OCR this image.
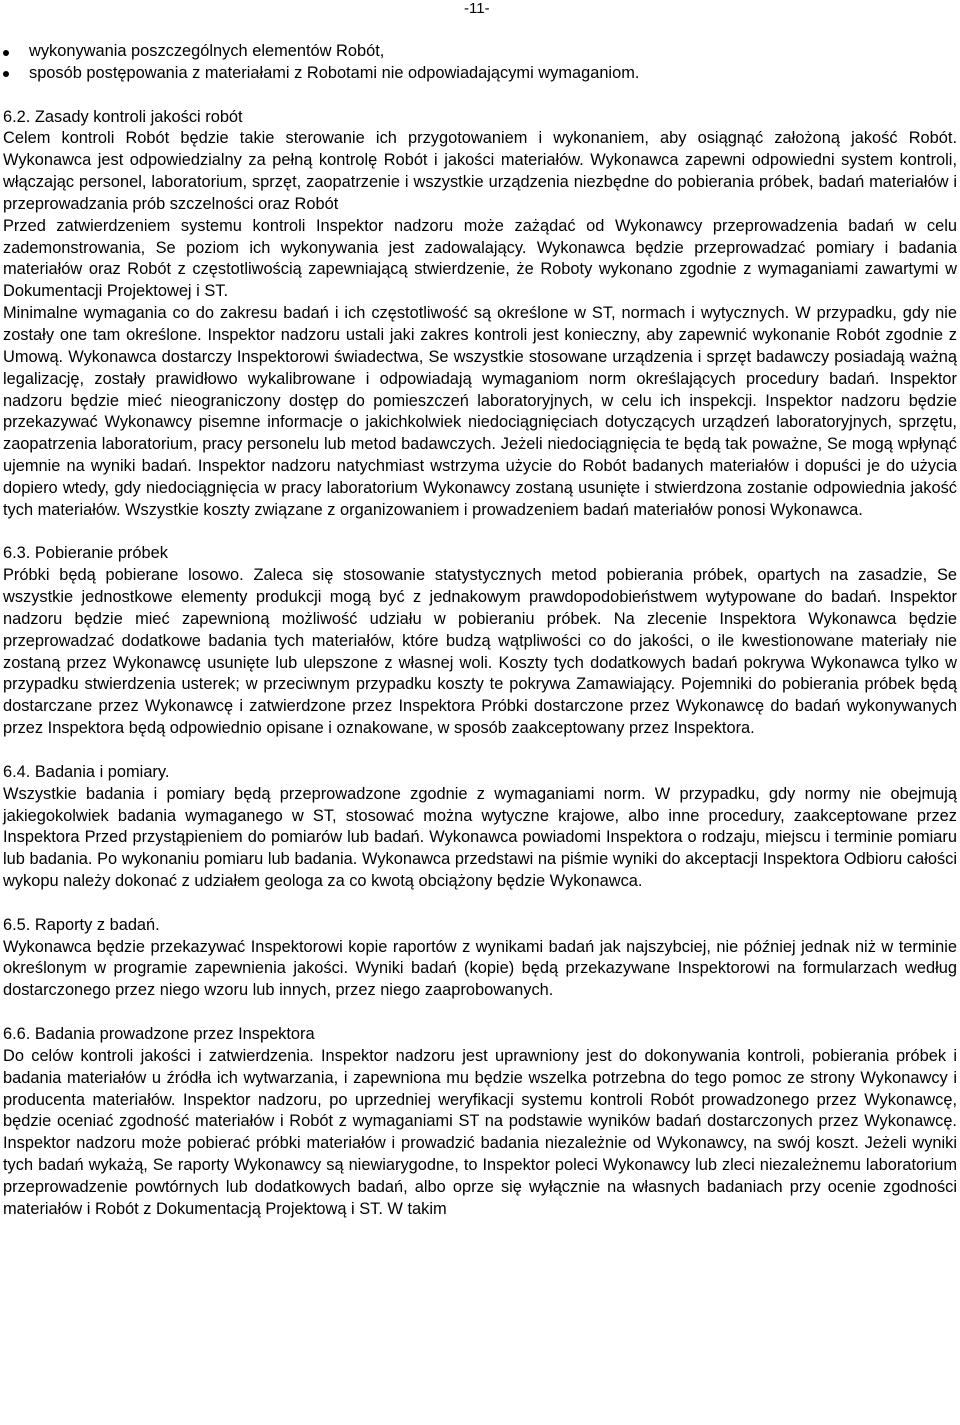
-11-
wykonywania poszczególnych elementów Robót,
sposób postępowania z materiałami z Robotami nie odpowiadającymi wymaganiom.
6.2. Zasady kontroli jakości robót

Celem kontroli Robót będzie takie sterowanie ich przygotowaniem i wykonaniem, aby osiągnąć założoną jakość Robót. Wykonawca jest odpowiedzialny za pełną kontrolę Robót i jakości materiałów. Wykonawca zapewni odpowiedni system kontroli, włączając personel, laboratorium, sprzęt, zaopatrzenie i wszystkie urządzenia niezbędne do pobierania próbek, badań materiałów i przeprowadzania prób szczelności oraz Robót

Przed zatwierdzeniem systemu kontroli Inspektor nadzoru może zażądać od Wykonawcy przeprowadzenia badań w celu zademonstrowania, Se poziom ich wykonywania jest zadowalający. Wykonawca będzie przeprowadzać pomiary i badania materiałów oraz Robót z częstotliwością zapewniającą stwierdzenie, że Roboty wykonano zgodnie z wymaganiami zawartymi w Dokumentacji Projektowej i ST.

Minimalne wymagania co do zakresu badań i ich częstotliwość są określone w ST, normach i wytycznych. W przypadku, gdy nie zostały one tam określone. Inspektor nadzoru ustali jaki zakres kontroli jest konieczny, aby zapewnić wykonanie Robót zgodnie z Umową. Wykonawca dostarczy Inspektorowi świadectwa, Se wszystkie stosowane urządzenia i sprzęt badawczy posiadają ważną legalizację, zostały prawidłowo wykalibrowane i odpowiadają wymaganiom norm określających procedury badań. Inspektor nadzoru będzie mieć nieograniczony dostęp do pomieszczeń laboratoryjnych, w celu ich inspekcji. Inspektor nadzoru będzie przekazywać Wykonawcy pisemne informacje o jakichkolwiek niedociągnięciach dotyczących urządzeń laboratoryjnych, sprzętu, zaopatrzenia laboratorium, pracy personelu lub metod badawczych. Jeżeli niedociągnięcia te będą tak poważne, Se mogą wpłynąć ujemnie na wyniki badań. Inspektor nadzoru natychmiast wstrzyma użycie do Robót badanych materiałów i dopuści je do użycia dopiero wtedy, gdy niedociągnięcia w pracy laboratorium Wykonawcy zostaną usunięte i stwierdzona zostanie odpowiednia jakość tych materiałów. Wszystkie koszty związane z organizowaniem i prowadzeniem badań materiałów ponosi Wykonawca.

6.3. Pobieranie próbek

Próbki będą pobierane losowo. Zaleca się stosowanie statystycznych metod pobierania próbek, opartych na zasadzie, Se wszystkie jednostkowe elementy produkcji mogą być z jednakowym prawdopodobieństwem wytypowane do badań. Inspektor nadzoru będzie mieć zapewnioną możliwość udziału w pobieraniu próbek. Na zlecenie Inspektora Wykonawca będzie przeprowadzać dodatkowe badania tych materiałów, które budzą wątpliwości co do jakości, o ile kwestionowane materiały nie zostaną przez Wykonawcę usunięte lub ulepszone z własnej woli. Koszty tych dodatkowych badań pokrywa Wykonawca tylko w przypadku stwierdzenia usterek; w przeciwnym przypadku koszty te pokrywa Zamawiający. Pojemniki do pobierania próbek będą dostarczane przez Wykonawcę i zatwierdzone przez Inspektora Próbki dostarczone przez Wykonawcę do badań wykonywanych przez Inspektora będą odpowiednio opisane i oznakowane, w sposób zaakceptowany przez Inspektora.

6.4. Badania i pomiary.

Wszystkie badania i pomiary będą przeprowadzone zgodnie z wymaganiami norm. W przypadku, gdy normy nie obejmują jakiegokolwiek badania wymaganego w ST, stosować można wytyczne krajowe, albo inne procedury, zaakceptowane przez Inspektora Przed przystąpieniem do pomiarów lub badań. Wykonawca powiadomi Inspektora o rodzaju, miejscu i terminie pomiaru lub badania. Po wykonaniu pomiaru lub badania. Wykonawca przedstawi na piśmie wyniki do akceptacji Inspektora Odbioru całości wykopu należy dokonać z udziałem geologa za co kwotą obciążony będzie Wykonawca.

6.5. Raporty z badań.

Wykonawca będzie przekazywać Inspektorowi kopie raportów z wynikami badań jak najszybciej, nie później jednak niż w terminie określonym w programie zapewnienia jakości. Wyniki badań (kopie) będą przekazywane Inspektorowi na formularzach według dostarczonego przez niego wzoru lub innych, przez niego zaaprobowanych.

6.6. Badania prowadzone przez Inspektora

Do celów kontroli jakości i zatwierdzenia. Inspektor nadzoru jest uprawniony jest do dokonywania kontroli, pobierania próbek i badania materiałów u źródła ich wytwarzania, i zapewniona mu będzie wszelka potrzebna do tego pomoc ze strony Wykonawcy i producenta materiałów. Inspektor nadzoru, po uprzedniej weryfikacji systemu kontroli Robót prowadzonego przez Wykonawcę, będzie oceniać zgodność materiałów i Robót z wymaganiami ST na podstawie wyników badań dostarczonych przez Wykonawcę. Inspektor nadzoru może pobierać próbki materiałów i prowadzić badania niezależnie od Wykonawcy, na swój koszt. Jeżeli wyniki tych badań wykażą, Se raporty Wykonawcy są niewiarygodne, to Inspektor poleci Wykonawcy lub zleci niezależnemu laboratorium przeprowadzenie powtórnych lub dodatkowych badań, albo oprze się wyłącznie na własnych badaniach przy ocenie zgodności materiałów i Robót z Dokumentacją Projektową i ST. W takim
